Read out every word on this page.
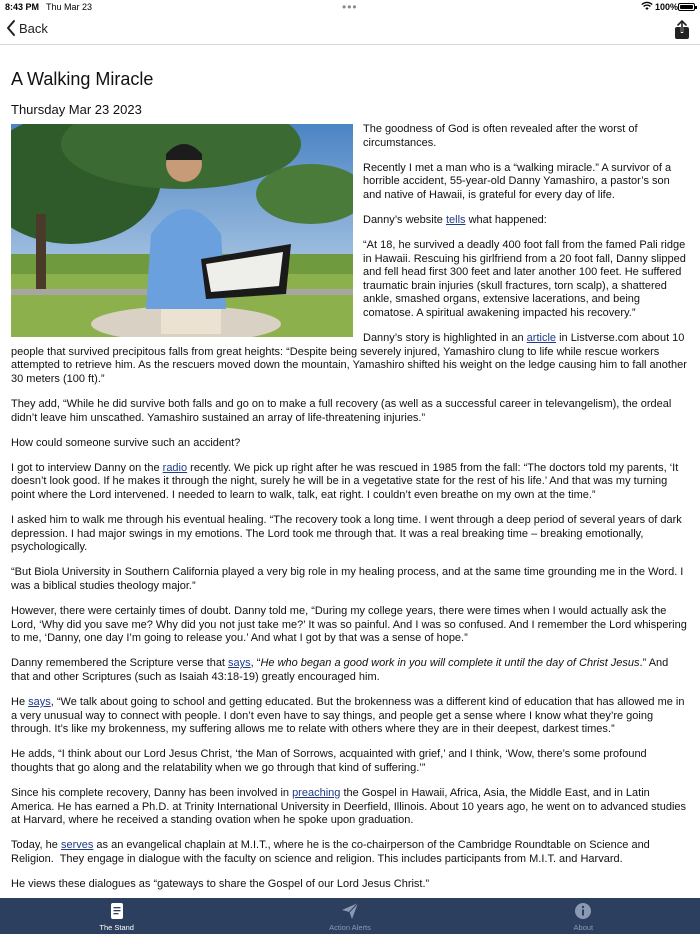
8:43 PM Thu Mar 23	•••	100%
Back
A Walking Miracle
Thursday Mar 23 2023

The goodness of God is often revealed after the worst of circumstances.

Recently I met a man who is a “walking miracle.” A survivor of a horrible accident, 55-year-old Danny Yamashiro, a pastor’s son and native of Hawaii, is grateful for every day of life.

Danny’s website tells what happened:

“At 18, he survived a deadly 400 foot fall from the famed Pali ridge in Hawaii. Rescuing his girlfriend from a 20 foot fall, Danny slipped and fell head first 300 feet and later another 100 feet. He suffered traumatic brain injuries (skull fractures, torn scalp), a shattered ankle, smashed organs, extensive lacerations, and being comatose. A spiritual awakening impacted his recovery.”

Danny’s story is highlighted in an article in Listverse.com about 10 people that survived precipitous falls from great heights: “Despite being severely injured, Yamashiro clung to life while rescue workers attempted to retrieve him. As the rescuers moved down the mountain, Yamashiro shifted his weight on the ledge causing him to fall another 30 meters (100 ft).”

They add, “While he did survive both falls and go on to make a full recovery (as well as a successful career in televangelism), the ordeal didn’t leave him unscathed. Yamashiro sustained an array of life-threatening injuries.”

How could someone survive such an accident?

I got to interview Danny on the radio recently. We pick up right after he was rescued in 1985 from the fall: “The doctors told my parents, ‘It doesn’t look good. If he makes it through the night, surely he will be in a vegetative state for the rest of his life.’ And that was my turning point where the Lord intervened. I needed to learn to walk, talk, eat right. I couldn’t even breathe on my own at the time.”

I asked him to walk me through his eventual healing. “The recovery took a long time. I went through a deep period of several years of dark depression. I had major swings in my emotions. The Lord took me through that. It was a real breaking time – breaking emotionally, psychologically.

“But Biola University in Southern California played a very big role in my healing process, and at the same time grounding me in the Word. I was a biblical studies theology major.”

However, there were certainly times of doubt. Danny told me, “During my college years, there were times when I would actually ask the Lord, ‘Why did you save me? Why did you not just take me?’ It was so painful. And I was so confused. And I remember the Lord whispering to me, ‘Danny, one day I’m going to release you.’ And what I got by that was a sense of hope.”

Danny remembered the Scripture verse that says, “He who began a good work in you will complete it until the day of Christ Jesus.” And that and other Scriptures (such as Isaiah 43:18-19) greatly encouraged him.

He says, “We talk about going to school and getting educated. But the brokenness was a different kind of education that has allowed me in a very unusual way to connect with people. I don’t even have to say things, and people get a sense where I know what they’re going through. It’s like my brokenness, my suffering allows me to relate with others where they are in their deepest, darkest times.”

He adds, “I think about our Lord Jesus Christ, ‘the Man of Sorrows, acquainted with grief,’ and I think, ‘Wow, there’s some profound thoughts that go along and the relatability when we go through that kind of suffering.’”

Since his complete recovery, Danny has been involved in preaching the Gospel in Hawaii, Africa, Asia, the Middle East, and in Latin America. He has earned a Ph.D. at Trinity International University in Deerfield, Illinois. About 10 years ago, he went on to advanced studies at Harvard, where he received a standing ovation when he spoke upon graduation.

Today, he serves as an evangelical chaplain at M.I.T., where he is the co-chairperson of the Cambridge Roundtable on Science and Religion.  They engage in dialogue with the faculty on science and religion. This includes participants from M.I.T. and Harvard.

He views these dialogues as “gateways to share the Gospel of our Lord Jesus Christ.”

The Stand	Action Alerts	About
